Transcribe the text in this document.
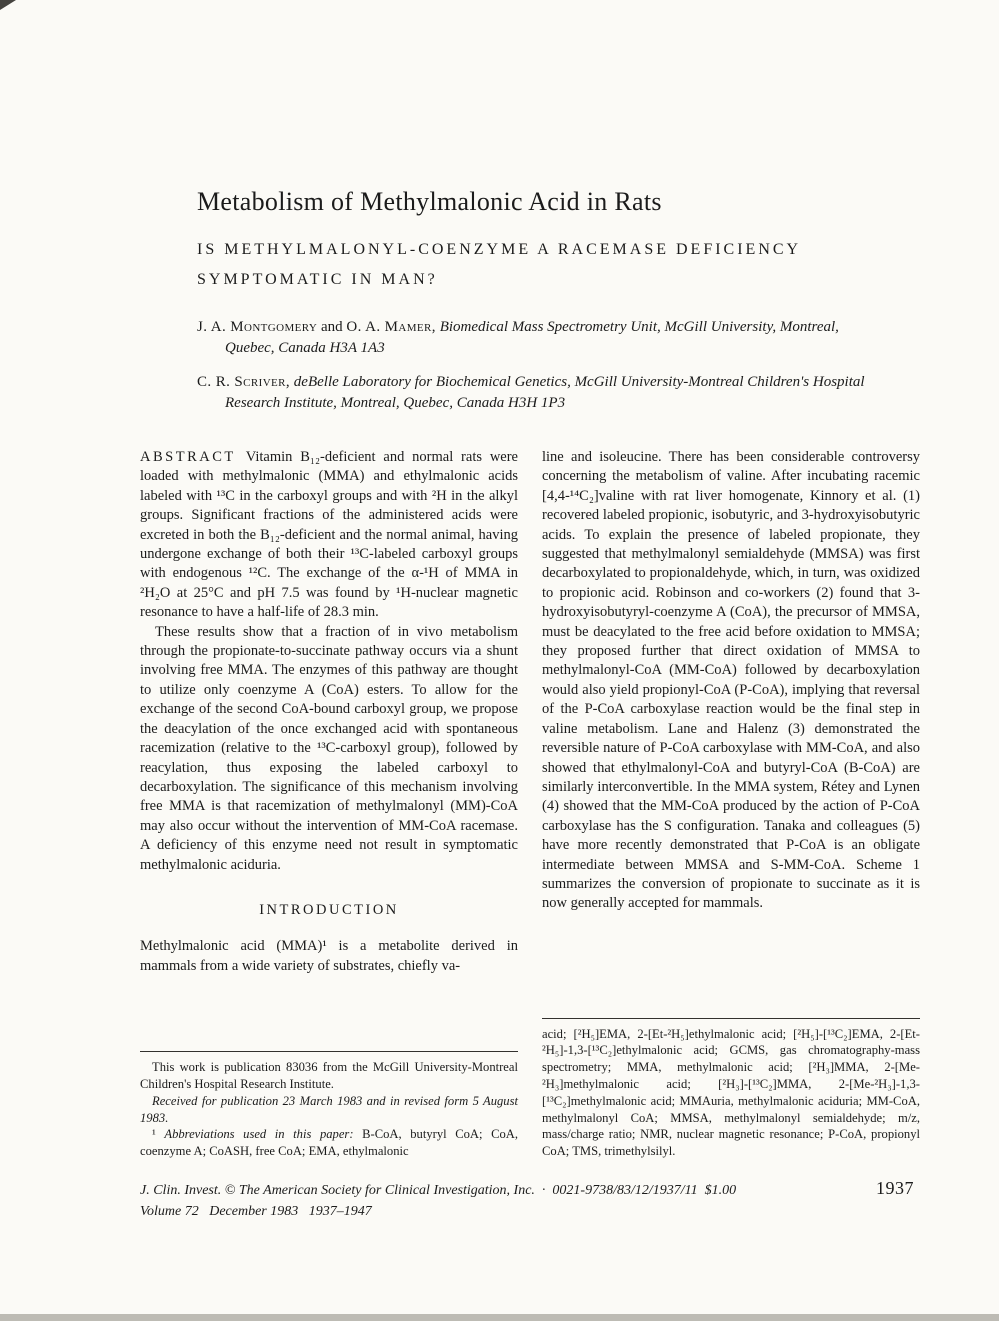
Metabolism of Methylmalonic Acid in Rats
IS METHYLMALONYL-COENZYME A RACEMASE DEFICIENCY
SYMPTOMATIC IN MAN?
J. A. Montgomery and O. A. Mamer, Biomedical Mass Spectrometry Unit, McGill University, Montreal, Quebec, Canada H3A 1A3
C. R. Scriver, deBelle Laboratory for Biochemical Genetics, McGill University-Montreal Children's Hospital Research Institute, Montreal, Quebec, Canada H3H 1P3

ABSTRACT Vitamin B₁₂-deficient and normal rats were loaded with methylmalonic (MMA) and ethylmalonic acids labeled with ¹³C in the carboxyl groups and with ²H in the alkyl groups. Significant fractions of the administered acids were excreted in both the B₁₂-deficient and the normal animal, having undergone exchange of both their ¹³C-labeled carboxyl groups with endogenous ¹²C. The exchange of the α-¹H of MMA in ²H₂O at 25°C and pH 7.5 was found by ¹H-nuclear magnetic resonance to have a half-life of 28.3 min.

These results show that a fraction of in vivo metabolism through the propionate-to-succinate pathway occurs via a shunt involving free MMA. The enzymes of this pathway are thought to utilize only coenzyme A (CoA) esters. To allow for the exchange of the second CoA-bound carboxyl group, we propose the deacylation of the once exchanged acid with spontaneous racemization (relative to the ¹³C-carboxyl group), followed by reacylation, thus exposing the labeled carboxyl to decarboxylation. The significance of this mechanism involving free MMA is that racemization of methylmalonyl (MM)-CoA may also occur without the intervention of MM-CoA racemase. A deficiency of this enzyme need not result in symptomatic methylmalonic aciduria.

INTRODUCTION

Methylmalonic acid (MMA)¹ is a metabolite derived in mammals from a wide variety of substrates, chiefly va-

This work is publication 83036 from the McGill University-Montreal Children's Hospital Research Institute.

Received for publication 23 March 1983 and in revised form 5 August 1983.

¹ Abbreviations used in this paper: B-CoA, butyryl CoA; CoA, coenzyme A; CoASH, free CoA; EMA, ethylmalonic

line and isoleucine. There has been considerable controversy concerning the metabolism of valine. After incubating racemic [4,4-¹⁴C₂]valine with rat liver homogenate, Kinnory et al. (1) recovered labeled propionic, isobutyric, and 3-hydroxyisobutyric acids. To explain the presence of labeled propionate, they suggested that methylmalonyl semialdehyde (MMSA) was first decarboxylated to propionaldehyde, which, in turn, was oxidized to propionic acid. Robinson and co-workers (2) found that 3-hydroxyisobutyryl-coenzyme A (CoA), the precursor of MMSA, must be deacylated to the free acid before oxidation to MMSA; they proposed further that direct oxidation of MMSA to methylmalonyl-CoA (MM-CoA) followed by decarboxylation would also yield propionyl-CoA (P-CoA), implying that reversal of the P-CoA carboxylase reaction would be the final step in valine metabolism. Lane and Halenz (3) demonstrated the reversible nature of P-CoA carboxylase with MM-CoA, and also showed that ethylmalonyl-CoA and butyryl-CoA (B-CoA) are similarly interconvertible. In the MMA system, Rétey and Lynen (4) showed that the MM-CoA produced by the action of P-CoA carboxylase has the S configuration. Tanaka and colleagues (5) have more recently demonstrated that P-CoA is an obligate intermediate between MMSA and S-MM-CoA. Scheme 1 summarizes the conversion of propionate to succinate as it is now generally accepted for mammals.

acid; [²H₅]EMA, 2-[Et-²H₅]ethylmalonic acid; [²H₅]-[¹³C₂]EMA, 2-[Et-²H₅]-1,3-[¹³C₂]ethylmalonic acid; GCMS, gas chromatography-mass spectrometry; MMA, methylmalonic acid; [²H₃]MMA, 2-[Me-²H₃]methylmalonic acid; [²H₃]-[¹³C₂]MMA, 2-[Me-²H₃]-1,3-[¹³C₂]methylmalonic acid; MMAuria, methylmalonic aciduria; MM-CoA, methylmalonyl CoA; MMSA, methylmalonyl semialdehyde; m/z, mass/charge ratio; NMR, nuclear magnetic resonance; P-CoA, propionyl CoA; TMS, trimethylsilyl.

J. Clin. Invest. © The American Society for Clinical Investigation, Inc.  ·  0021-9738/83/12/1937/11  $1.00	1937
Volume 72   December 1983   1937–1947
